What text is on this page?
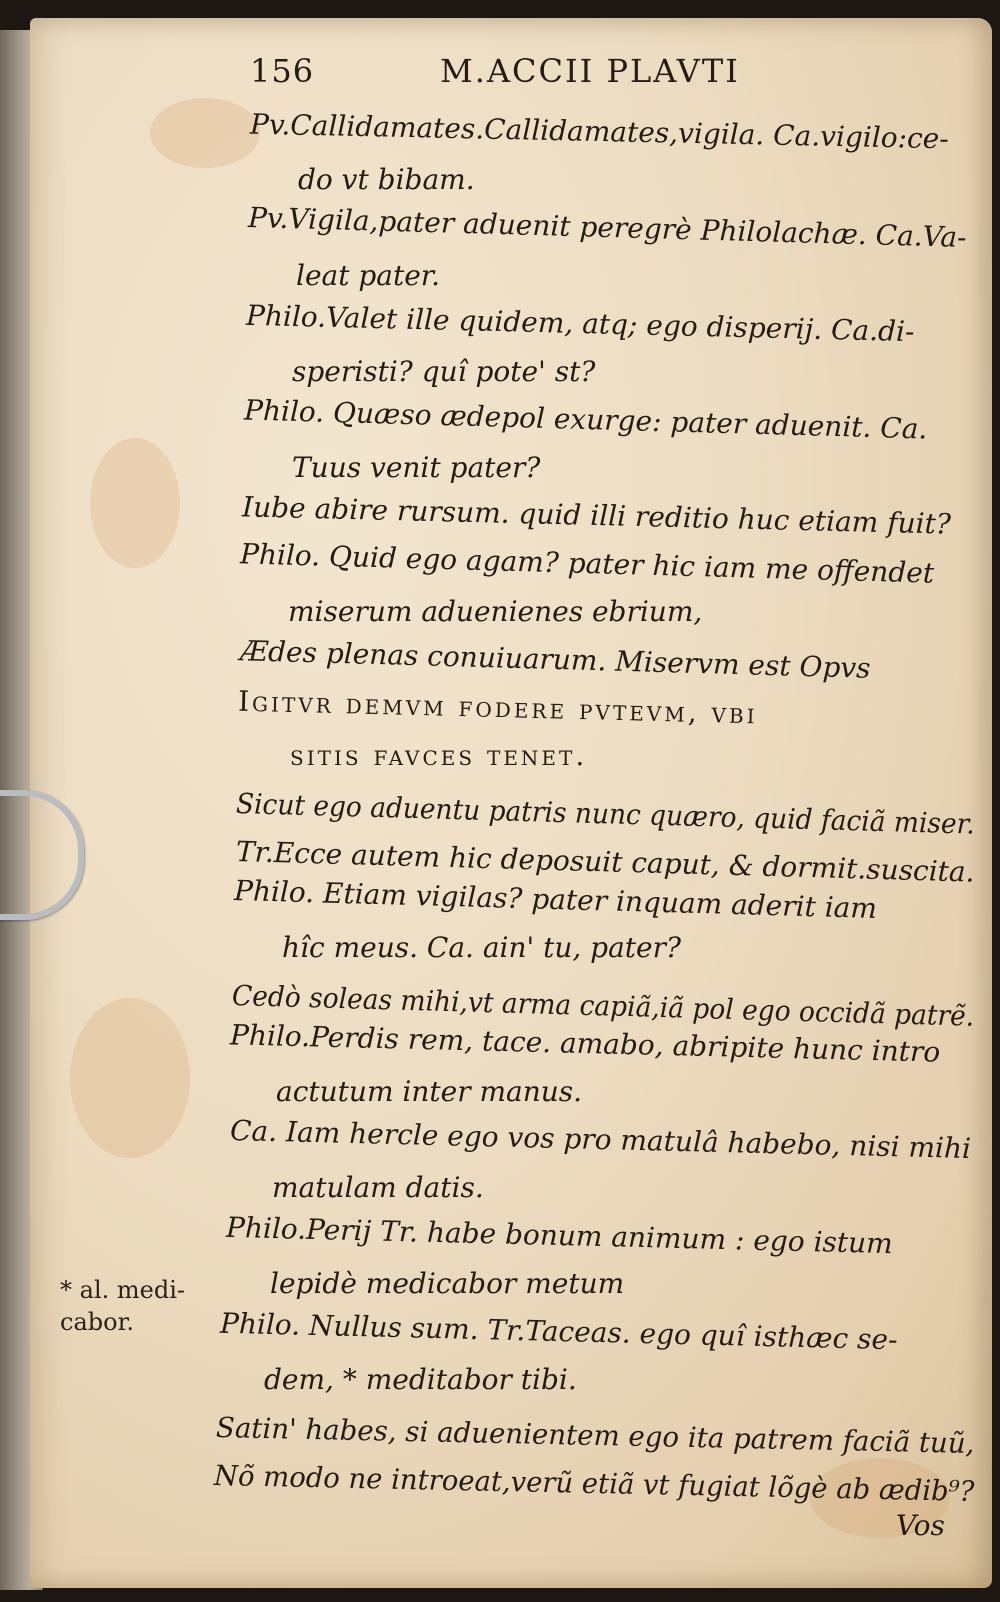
156	M.ACCII PLAVTI
Pv.Callidamates.Callidamates,vigila. Ca.vigilo:ce-
do vt bibam.
Pv.Vigila,pater aduenit peregrè Philolachæ. Ca.Va-
leat pater.
Philo.Valet ille quidem, atq; ego disperij. Ca.di-
speristi? quî pote' st?
Philo. Quæso ædepol exurge: pater aduenit. Ca.
Tuus venit pater?
Iube abire rursum. quid illi reditio huc etiam fuit?
Philo. Quid ego agam? pater hic iam me offendet
miserum aduenienes ebrium,
Ædes plenas conuiuarum. Miservm est Opvs
Igitvr demvm fodere pvtevm, vbi
sitis favces tenet.
Sicut ego aduentu patris nunc quæro, quid faciã miser.
Tr.Ecce autem hic deposuit caput, & dormit.suscita.
Philo. Etiam vigilas? pater inquam aderit iam
hîc meus. Ca. ain' tu, pater?
Cedò soleas mihi,vt arma capiã,iã pol ego occidã patrẽ.
Philo.Perdis rem, tace. amabo, abripite hunc intro
actutum inter manus.
Ca. Iam hercle ego vos pro matulâ habebo, nisi mihi
matulam datis.
Philo.Perij Tr. habe bonum animum : ego istum
lepidè medicabor metum
Philo. Nullus sum. Tr.Taceas. ego quî isthæc se-
dem, * meditabor tibi.
Satin' habes, si aduenientem ego ita patrem faciã tuũ,
Nõ modo ne introeat,verũ etiã vt fugiat lõgè ab ædib⁹?
Vos
* al. medi-
cabor.
